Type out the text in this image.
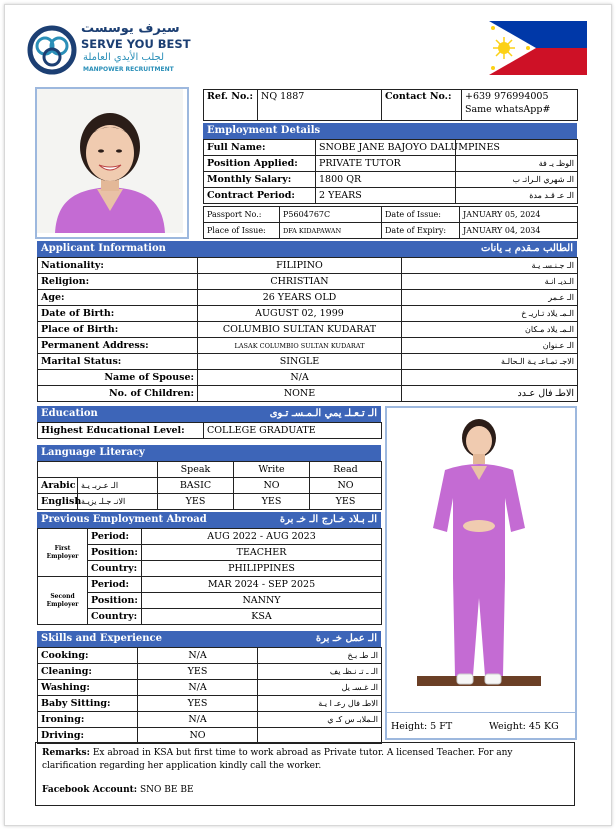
سيرف يوسست
SERVE YOU BEST
لجلب الأيدي العاملة
MANPOWER RECRUITMENT
Ref. No.:	NQ 1887	Contact No.:	+639 976994005
Same whatsApp#
Employment Details
Full Name:	SNOBE JANE BAJOYO DALUMPINES	
Position Applied:	PRIVATE TUTOR	الوظـ يـ فة
Monthly Salary:	1800 QR	الـ شهري الـراتـ ب
Contract Period:	2 YEARS	الـ عـ قـد مدة
Passport No.:	P5604767C	Date of Issue:	JANUARY 05, 2024
Place of Issue:	DFA KIDAPAWAN	Date of Expiry:	JANUARY 04, 2034
Applicant Information	الطالب مـقدم بـ يانات
Nationality:	FILIPINO	الـ جـنـسـ يـة
Religion:	CHRISTIAN	الـديـ انـة
Age:	26 YEARS OLD	الـ عـمر
Date of Birth:	AUGUST 02, 1999	الـمـ يلاد تـاريـ خ
Place of Birth:	COLUMBIO SULTAN KUDARAT	الـمـ يلاد مـكان
Permanent Address:	LASAK COLUMBIO SULTAN KUDARAT	الـ عـنوان
Marital Status:	SINGLE	الاجـ تمـاعـ يـة الـحالـة
Name of Spouse:	N/A	
No. of Children:	NONE	الاطـ فال عـدد
Education	الـ تـعـلـ يمي الـمـسـ تـوى
Highest Educational Level:	COLLEGE GRADUATE
Language Literacy
		Speak	Write	Read
Arabic	الـ عـربـ يـة	BASIC	NO	NO
English	الانـ جـلـ يزيـة	YES	YES	YES
Previous Employment Abroad	الـ بـلاد خـارج الـ خـ برة
First Employer	Period:	AUG 2022 - AUG 2023
	Position:	TEACHER
	Country:	PHILIPPINES
Second Employer	Period:	MAR 2024 - SEP 2025
	Position:	NANNY
	Country:	KSA
Skills and Experience	الـ عمل خـ برة
Cooking:	N/A	الـ طـ بـخ
Cleaning:	YES	الـ ـ تـ نـظـ يف
Washing:	N/A	الـ غـسـ يل
Baby Sitting:	YES	الاطـ فال رعـ ا يـة
Ironing:	N/A	الـملابـ س كـ ي
Driving:	NO	
Height: 5 FT	Weight: 45 KG
Remarks: Ex abroad in KSA but first time to work abroad as Private tutor. A licensed Teacher. For any clarification regarding her application kindly call the worker.
Facebook Account: SNO BE BE
